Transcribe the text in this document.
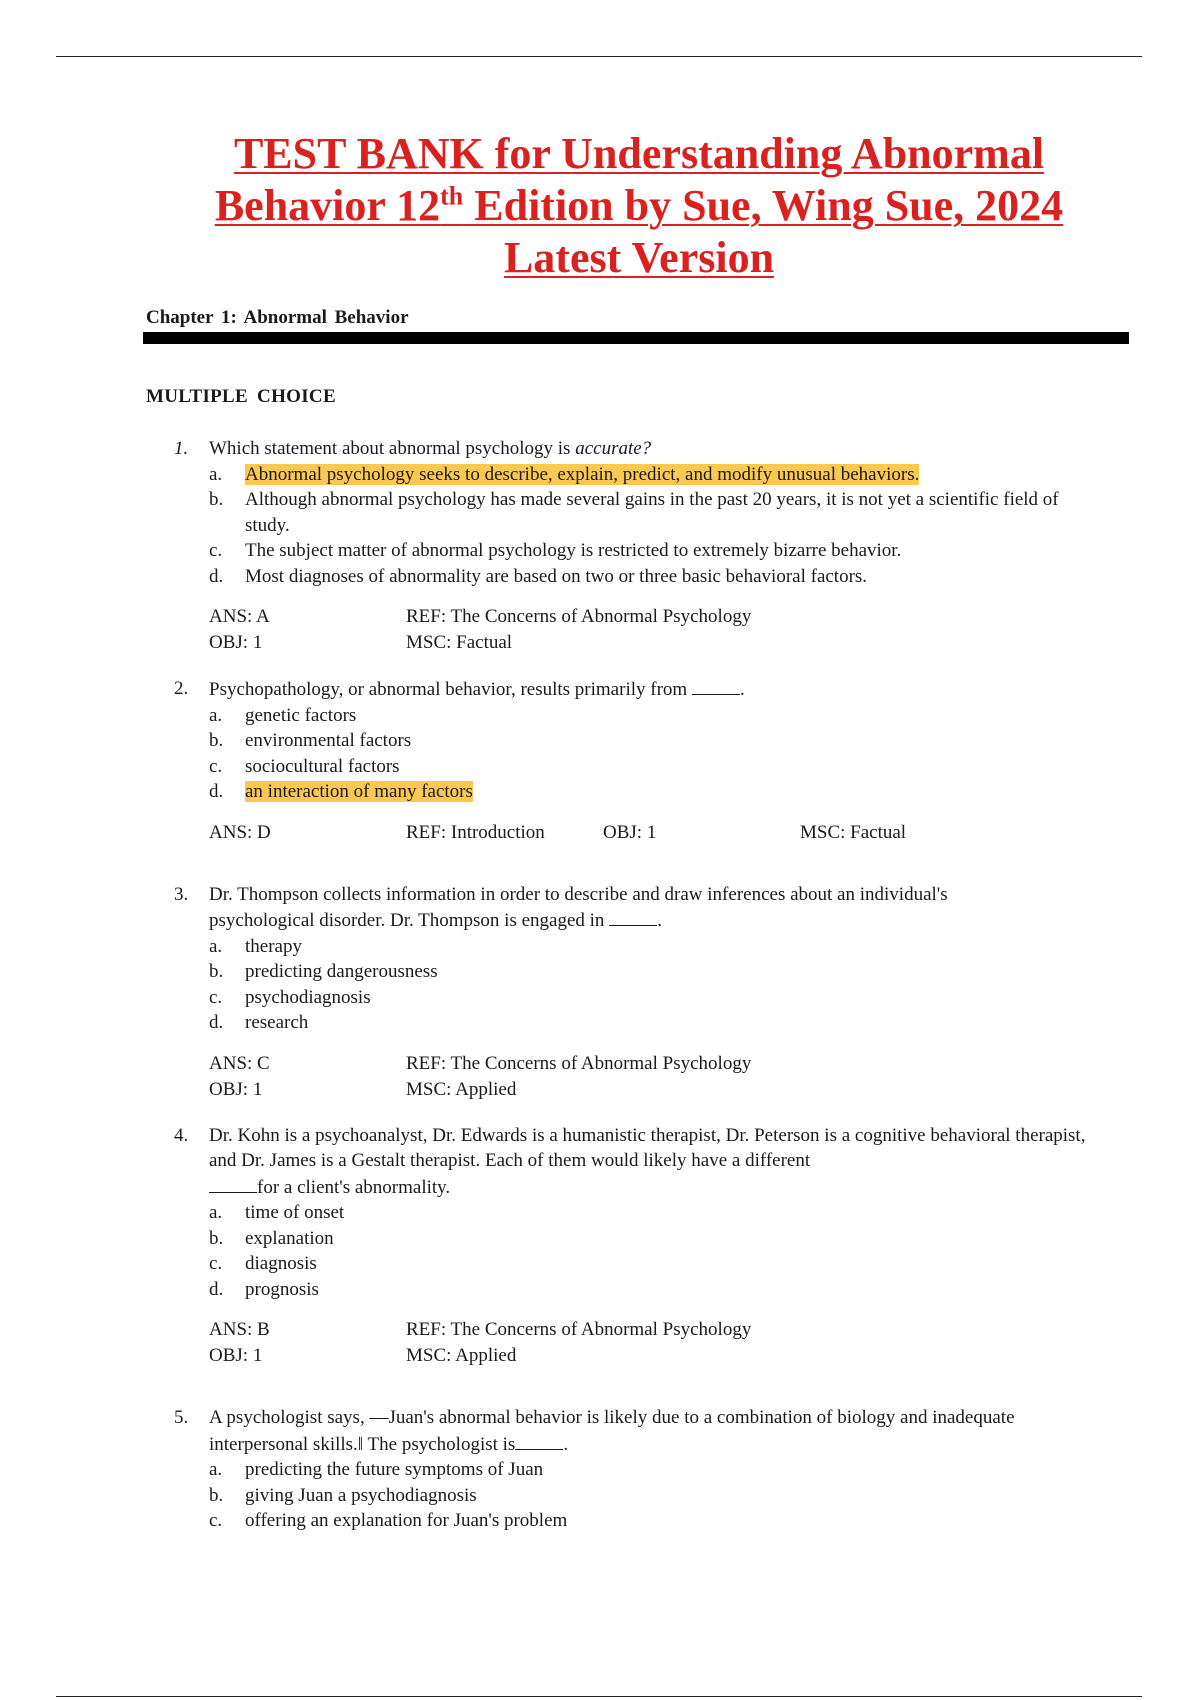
TEST BANK for Understanding Abnormal
Behavior 12th Edition by Sue, Wing Sue, 2024
Latest Version
Chapter 1: Abnormal Behavior
MULTIPLE CHOICE
1. Which statement about abnormal psychology is accurate?
a. Abnormal psychology seeks to describe, explain, predict, and modify unusual behaviors.
b. Although abnormal psychology has made several gains in the past 20 years, it is not yet a scientific field of study.
c. The subject matter of abnormal psychology is restricted to extremely bizarre behavior.
d. Most diagnoses of abnormality are based on two or three basic behavioral factors.
ANS: A	REF: The Concerns of Abnormal Psychology
OBJ: 1	MSC: Factual
2. Psychopathology, or abnormal behavior, results primarily from	.
a. genetic factors
b. environmental factors
c. sociocultural factors
d. an interaction of many factors
ANS: D	REF: Introduction	OBJ: 1	MSC: Factual
3. Dr. Thompson collects information in order to describe and draw inferences about an individual's
psychological disorder. Dr. Thompson is engaged in	.
a. therapy
b. predicting dangerousness
c. psychodiagnosis
d. research
ANS: C	REF: The Concerns of Abnormal Psychology
OBJ: 1	MSC: Applied
4. Dr. Kohn is a psychoanalyst, Dr. Edwards is a humanistic therapist, Dr. Peterson is a cognitive behavioral therapist, and Dr. James is a Gestalt therapist. Each of them would likely have a different
for a client's abnormality.
a. time of onset
b. explanation
c. diagnosis
d. prognosis
ANS: B	REF: The Concerns of Abnormal Psychology
OBJ: 1	MSC: Applied
5. A psychologist says, ―Juan's abnormal behavior is likely due to a combination of biology and inadequate interpersonal skills.‖ The psychologist is	.
a. predicting the future symptoms of Juan
b. giving Juan a psychodiagnosis
c. offering an explanation for Juan's problem
